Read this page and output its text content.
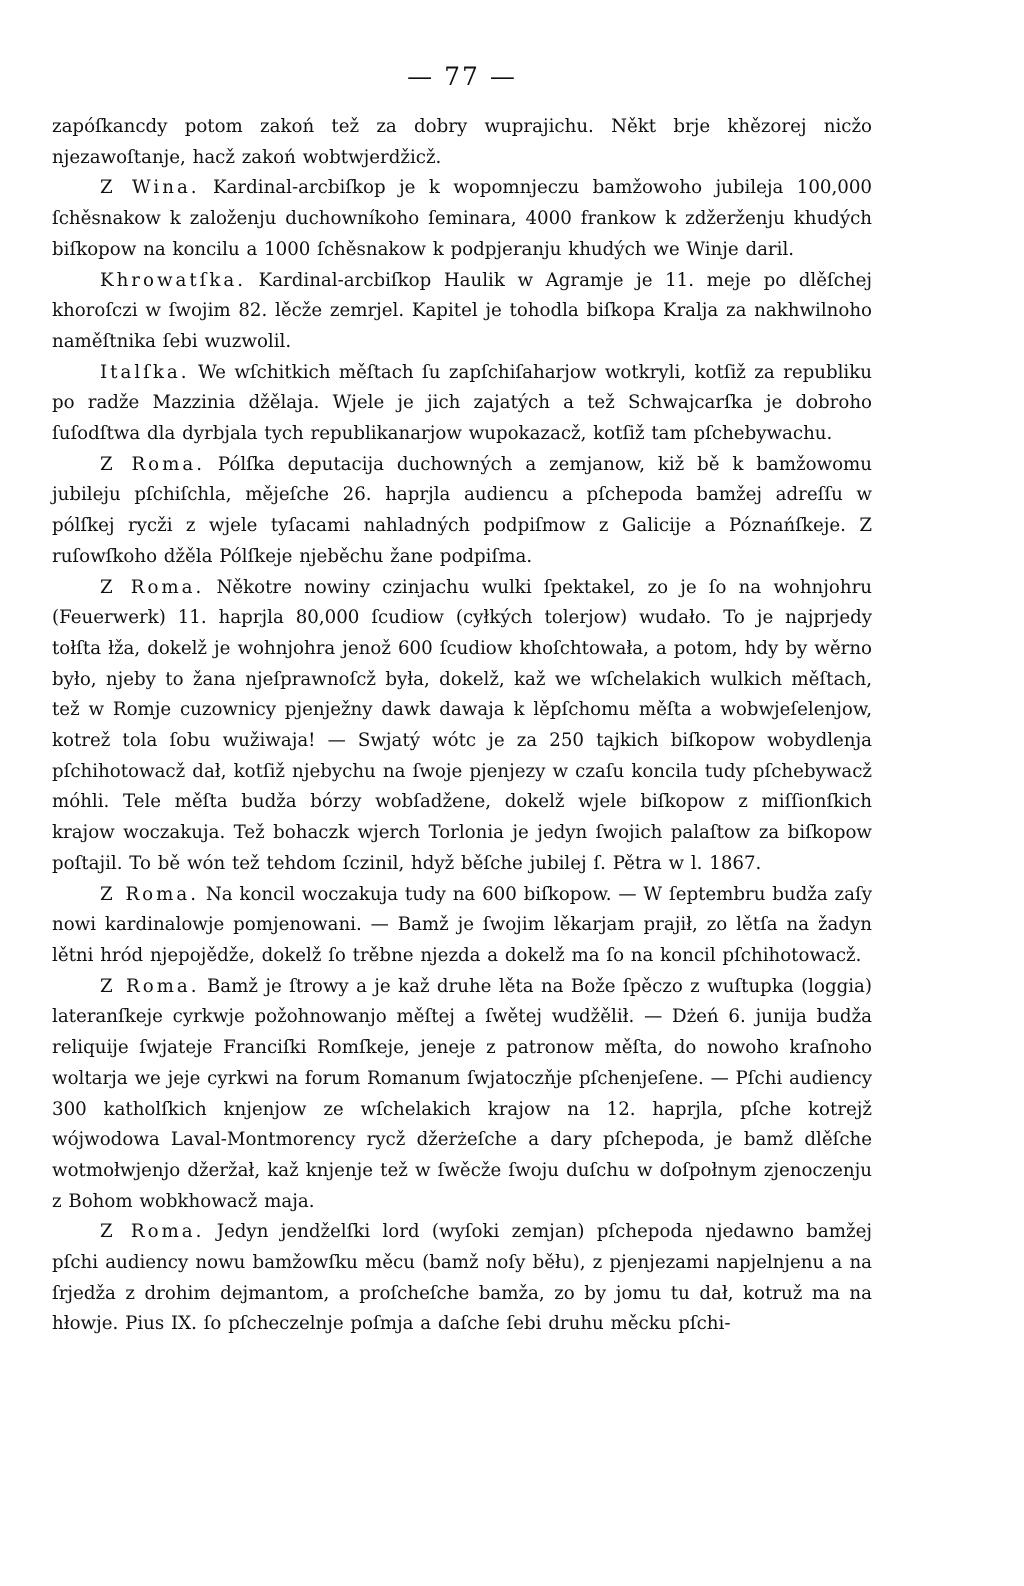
— 77 —

zapóſkancdy potom zakoń tež za dobry wuprajichu. Někt brje khězorej nicžo njezawoſtanje, hacž zakoń wobtwjerdžicž.

Z Wina. Kardinal-arcbiſkop je k wopomnjeczu bamžowoho jubileja 100,000 ſchěsnakow k založenju duchowníkoho ſeminara, 4000 frankow k zdžerženju khudých biſkopow na koncilu a 1000 ſchěsnakow k podpjeranju khudých we Winje daril.

Khrowatſka. Kardinal-arcbiſkop Haulik w Agramje je 11. meje po dlěſchej khoroſczi w ſwojim 82. lěcže zemrjel. Kapitel je tohodla biſkopa Kralja za nakhwilnoho naměſtnika ſebi wuzwolil.

Italſka. We wſchitkich měſtach ſu zapſchiſaharjow wotkryli, kotſiž za republiku po radže Mazzinia džělaja. Wjele je jich zajatých a tež Schwajcarſka je dobroho ſuſodſtwa dla dyrbjala tych republikanarjow wupokazacž, kotſiž tam pſchebywachu.

Z Roma. Pólſka deputacija duchowných a zemjanow, kiž bě k bamžowomu jubileju pſchiſchla, mějeſche 26. haprjla audiencu a pſchepoda bamžej adreſſu w pólſkej rycži z wjele tyſacami nahladných podpiſmow z Galicije a Póznańſkeje. Z ruſowſkoho džěla Pólſkeje njeběchu žane podpiſma.

Z Roma. Někotre nowiny czinjachu wulki ſpektakel, zo je ſo na wohnjohru (Feuerwerk) 11. haprjla 80,000 ſcudiow (cyłkých tolerjow) wudało. To je najprjedy tołſta łža, dokelž je wohnjohra jenož 600 ſcudiow khoſchtowała, a potom, hdy by wěrno było, njeby to žana njeſprawnoſcž była, dokelž, kaž we wſchelakich wulkich měſtach, tež w Romje cuzownicy pjenježny dawk dawaja k lěpſchomu měſta a wobwjeſelenjow, kotrež tola ſobu wužiwaja! — Swjatý wótc je za 250 tajkich biſkopow wobydlenja pſchihotowacž dał, kotſiž njebychu na ſwoje pjenjezy w czaſu koncila tudy pſchebywacž móhli. Tele měſta budža bórzy wobſadžene, dokelž wjele biſkopow z miſſionſkich krajow woczakuja. Tež bohaczk wjerch Torlonia je jedyn ſwojich palaſtow za biſkopow poſtajil. To bě wón tež tehdom ſczinil, hdyž běſche jubilej ſ. Pětra w l. 1867.

Z Roma. Na koncil woczakuja tudy na 600 biſkopow. — W ſeptembru budža zaſy nowi kardinalowje pomjenowani. — Bamž je ſwojim lěkarjam prajił, zo lětſa na žadyn lětni hród njepojědže, dokelž ſo trěbne njezda a dokelž ma ſo na koncil pſchihotowacž.

Z Roma. Bamž je ſtrowy a je kaž druhe lěta na Bože ſpěczo z wuſtupka (loggia) lateranſkeje cyrkwje požohnowanjo měſtej a ſwětej wudžělił. — Dżeń 6. junija budža reliquije ſwjateje Franciſki Romſkeje, jeneje z patronow měſta, do nowoho kraſnoho woltarja we jeje cyrkwi na forum Romanum ſwjatoczňje pſchenjeſene. — Pſchi audiency 300 katholſkich knjenjow ze wſchelakich krajow na 12. haprjla, pſche kotrejž wójwodowa Laval-Montmorency rycž džerżeſche a dary pſchepoda, je bamž dlěſche wotmołwjenjo džeržał, kaž knjenje tež w ſwěcže ſwoju duſchu w doſpołnym zjenoczenju z Bohom wobkhowacž maja.

Z Roma. Jedyn jendželſki lord (wyſoki zemjan) pſchepoda njedawno bamžej pſchi audiency nowu bamžowſku měcu (bamž noſy běłu), z pjenjezami napjelnjenu a na ſrjedža z drohim dejmantom, a proſcheſche bamža, zo by jomu tu dał, kotruž ma na hłowje. Pius IX. ſo pſcheczelnje poſmja a daſche ſebi druhu měcku pſchi-
